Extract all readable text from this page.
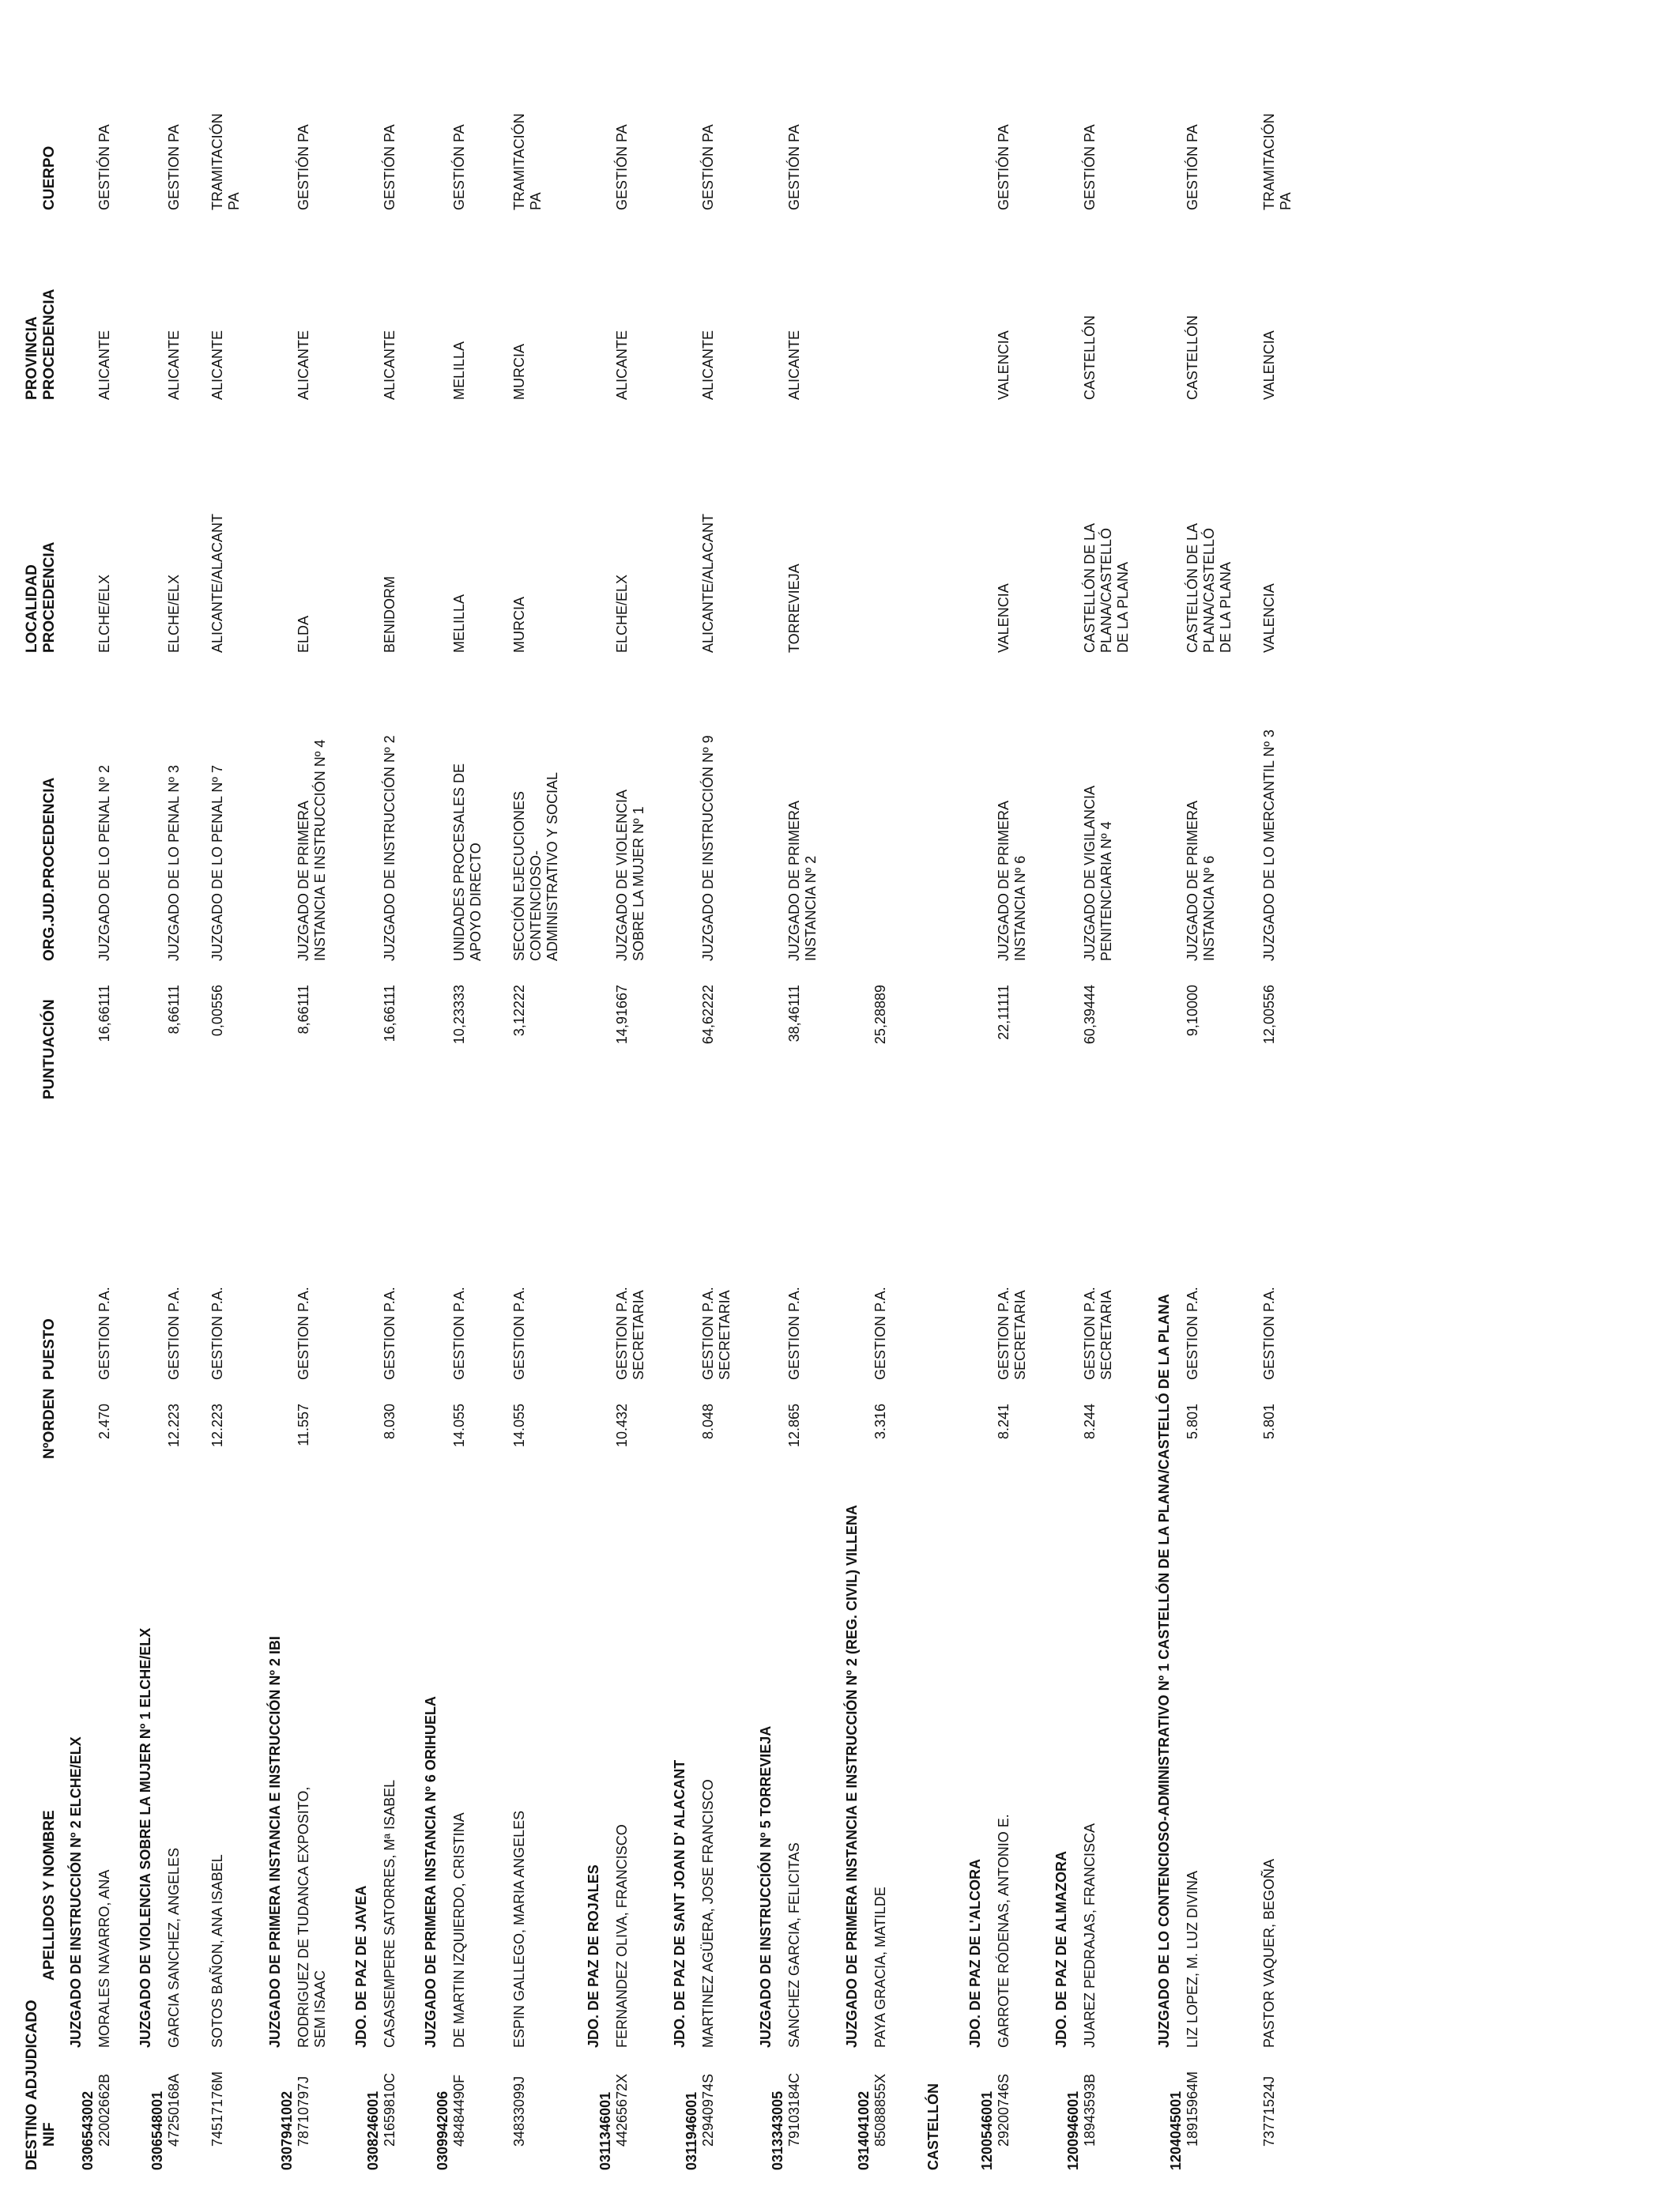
DESTINO ADJUDICADO NIF
APELLIDOS Y NOMBRE
NºORDEN
PUESTO
PUNTUACIÓN
ORG.JUD.PROCEDENCIA
LOCALIDAD PROCEDENCIA
PROVINCIA PROCEDENCIA
CUERPO
0306543002
JUZGADO DE INSTRUCCIÓN Nº 2 ELCHE/ELX
22002662B
MORALES NAVARRO, ANA
2.470
GESTION P.A.
16,66111
JUZGADO DE LO PENAL Nº 2
ELCHE/ELX
ALICANTE
GESTIÓN PA
0306548001
JUZGADO DE VIOLENCIA SOBRE LA MUJER Nº 1 ELCHE/ELX
47250168A
GARCIA SANCHEZ, ANGELES
12.223
GESTION P.A.
8,66111
JUZGADO DE LO PENAL Nº 3
ELCHE/ELX
ALICANTE
GESTION PA
74517176M
SOTOS BAÑON, ANA ISABEL
12.223
GESTION P.A.
0,00556
JUZGADO DE LO PENAL Nº 7
ALICANTE/ALACANT
ALICANTE
TRAMITACIÓN PA
0307941002
JUZGADO DE PRIMERA INSTANCIA E INSTRUCCIÓN Nº 2 IBI
78710797J
RODRIGUEZ DE TUDANCA EXPOSITO, SEM ISAAC
11.557
GESTION P.A.
8,66111
JUZGADO DE PRIMERA INSTANCIA E INSTRUCCIÓN Nº 4
ELDA
ALICANTE
GESTIÓN PA
0308246001
JDO. DE PAZ DE JAVEA
21659810C
CASASEMPERE SATORRES, Mª ISABEL
8.030
GESTION P.A.
16,66111
JUZGADO DE INSTRUCCIÓN Nº 2
BENIDORM
ALICANTE
GESTIÓN PA
0309942006
JUZGADO DE PRIMERA INSTANCIA Nº 6 ORIHUELA
48484490F
DE MARTIN IZQUIERDO, CRISTINA
14.055
GESTION P.A.
10,23333
UNIDADES PROCESALES DE APOYO DIRECTO
MELILLA
MELILLA
GESTIÓN PA
34833099J
ESPIN GALLEGO, MARIA ANGELES
14.055
GESTION P.A.
3,12222
SECCIÓN EJECUCIONES CONTENCIOSO- ADMINISTRATIVO Y SOCIAL
MURCIA
MURCIA
TRAMITACIÓN PA
0311346001
JDO. DE PAZ DE ROJALES
44265672X
FERNANDEZ OLIVA, FRANCISCO
10.432
GESTION P.A. SECRETARIA
14,91667
JUZGADO DE VIOLENCIA SOBRE LA MUJER Nº 1
ELCHE/ELX
ALICANTE
GESTIÓN PA
0311946001
JDO. DE PAZ DE SANT JOAN D' ALACANT
22940974S
MARTINEZ AGÜERA, JOSE FRANCISCO
8.048
GESTION P.A. SECRETARIA
64,62222
JUZGADO DE INSTRUCCIÓN Nº 9
ALICANTE/ALACANT
ALICANTE
GESTIÓN PA
0313343005
JUZGADO DE INSTRUCCIÓN Nº 5 TORREVIEJA
79103184C
SANCHEZ GARCIA, FELICITAS
12.865
GESTION P.A.
38,46111
JUZGADO DE PRIMERA INSTANCIA Nº 2
TORREVIEJA
ALICANTE
GESTIÓN PA
0314041002
JUZGADO DE PRIMERA INSTANCIA E INSTRUCCIÓN Nº 2 (REG. CIVIL) VILLENA
85088855X
PAYA GRACIA, MATILDE
3.316
GESTION P.A.
25,28889
CASTELLÓN	1200546001
JDO. DE PAZ DE L'ALCORA
29200746S
GARROTE RÓDENAS, ANTONIO E.
8.241
GESTION P.A. SECRETARIA
22,11111
JUZGADO DE PRIMERA INSTANCIA Nº 6
VALENCIA
VALENCIA
GESTIÓN PA
1200946001
JDO. DE PAZ DE ALMAZORA
18943593B
JUAREZ PEDRAJAS, FRANCISCA
8.244
GESTION P.A. SECRETARIA
60,39444
JUZGADO DE VIGILANCIA PENITENCIARIA Nº 4
CASTELLÓN DE LA PLANA/CASTELLÓ DE LA PLANA
CASTELLÓN
GESTIÓN PA
1204045001
JUZGADO DE LO CONTENCIOSO-ADMINISTRATIVO Nº 1 CASTELLÓN DE LA PLANA/CASTELLÓ DE LA PLANA
18915964M
LIZ LOPEZ, M. LUZ DIVINA
5.801
GESTION P.A.
9,10000
JUZGADO DE PRIMERA INSTANCIA Nº 6
CASTELLÓN DE LA PLANA/CASTELLÓ DE LA PLANA
CASTELLÓN
GESTIÓN PA
73771524J
PASTOR VAQUER, BEGOÑA
5.801
GESTION P.A.
12,00556
JUZGADO DE LO MERCANTIL Nº 3
VALENCIA
VALENCIA
TRAMITACIÓN PA
